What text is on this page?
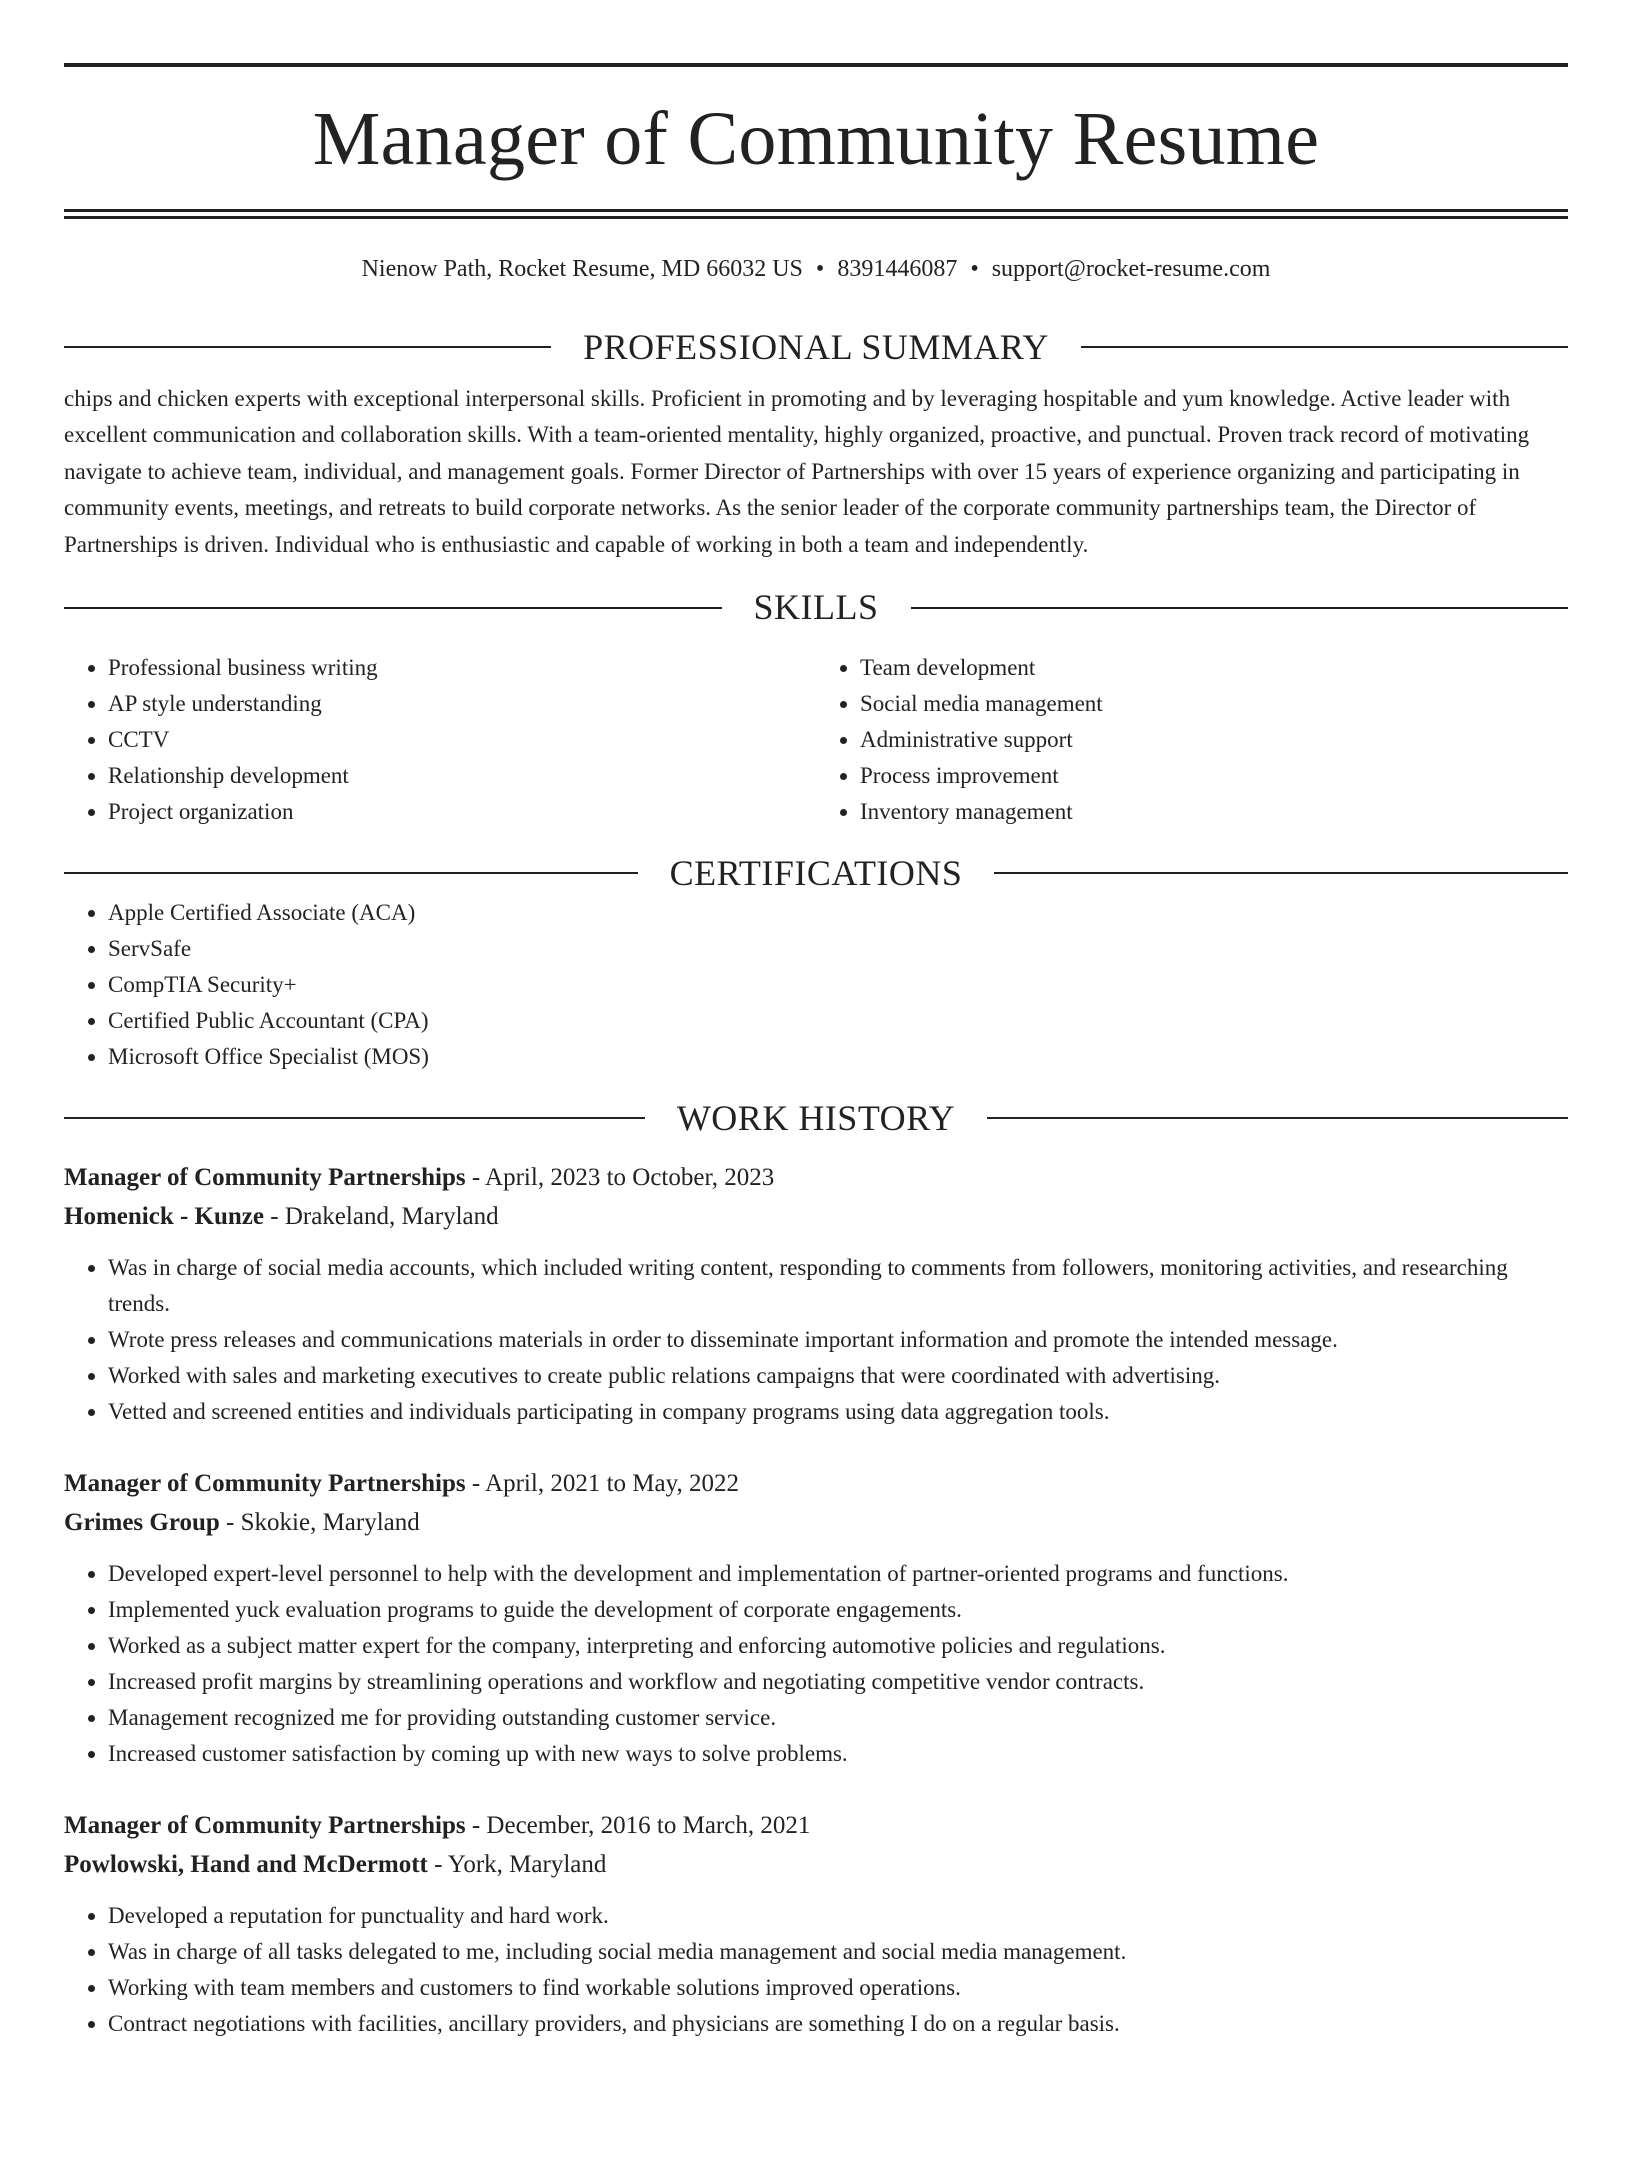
Manager of Community Resume
Nienow Path, Rocket Resume, MD 66032 US • 8391446087 • support@rocket-resume.com
PROFESSIONAL SUMMARY

chips and chicken experts with exceptional interpersonal skills. Proficient in promoting and by leveraging hospitable and yum knowledge. Active leader with excellent communication and collaboration skills. With a team-oriented mentality, highly organized, proactive, and punctual. Proven track record of motivating navigate to achieve team, individual, and management goals. Former Director of Partnerships with over 15 years of experience organizing and participating in community events, meetings, and retreats to build corporate networks. As the senior leader of the corporate community partnerships team, the Director of Partnerships is driven. Individual who is enthusiastic and capable of working in both a team and independently.

SKILLS
• Professional business writing
• AP style understanding
• CCTV
• Relationship development
• Project organization
• Team development
• Social media management
• Administrative support
• Process improvement
• Inventory management
CERTIFICATIONS
• Apple Certified Associate (ACA)
• ServSafe
• CompTIA Security+
• Certified Public Accountant (CPA)
• Microsoft Office Specialist (MOS)
WORK HISTORY
Manager of Community Partnerships - April, 2023 to October, 2023
Homenick - Kunze - Drakeland, Maryland
• Was in charge of social media accounts, which included writing content, responding to comments from followers, monitoring activities, and researching trends.
• Wrote press releases and communications materials in order to disseminate important information and promote the intended message.
• Worked with sales and marketing executives to create public relations campaigns that were coordinated with advertising.
• Vetted and screened entities and individuals participating in company programs using data aggregation tools.
Manager of Community Partnerships - April, 2021 to May, 2022
Grimes Group - Skokie, Maryland
• Developed expert-level personnel to help with the development and implementation of partner-oriented programs and functions.
• Implemented yuck evaluation programs to guide the development of corporate engagements.
• Worked as a subject matter expert for the company, interpreting and enforcing automotive policies and regulations.
• Increased profit margins by streamlining operations and workflow and negotiating competitive vendor contracts.
• Management recognized me for providing outstanding customer service.
• Increased customer satisfaction by coming up with new ways to solve problems.
Manager of Community Partnerships - December, 2016 to March, 2021
Powlowski, Hand and McDermott - York, Maryland
• Developed a reputation for punctuality and hard work.
• Was in charge of all tasks delegated to me, including social media management and social media management.
• Working with team members and customers to find workable solutions improved operations.
• Contract negotiations with facilities, ancillary providers, and physicians are something I do on a regular basis.
